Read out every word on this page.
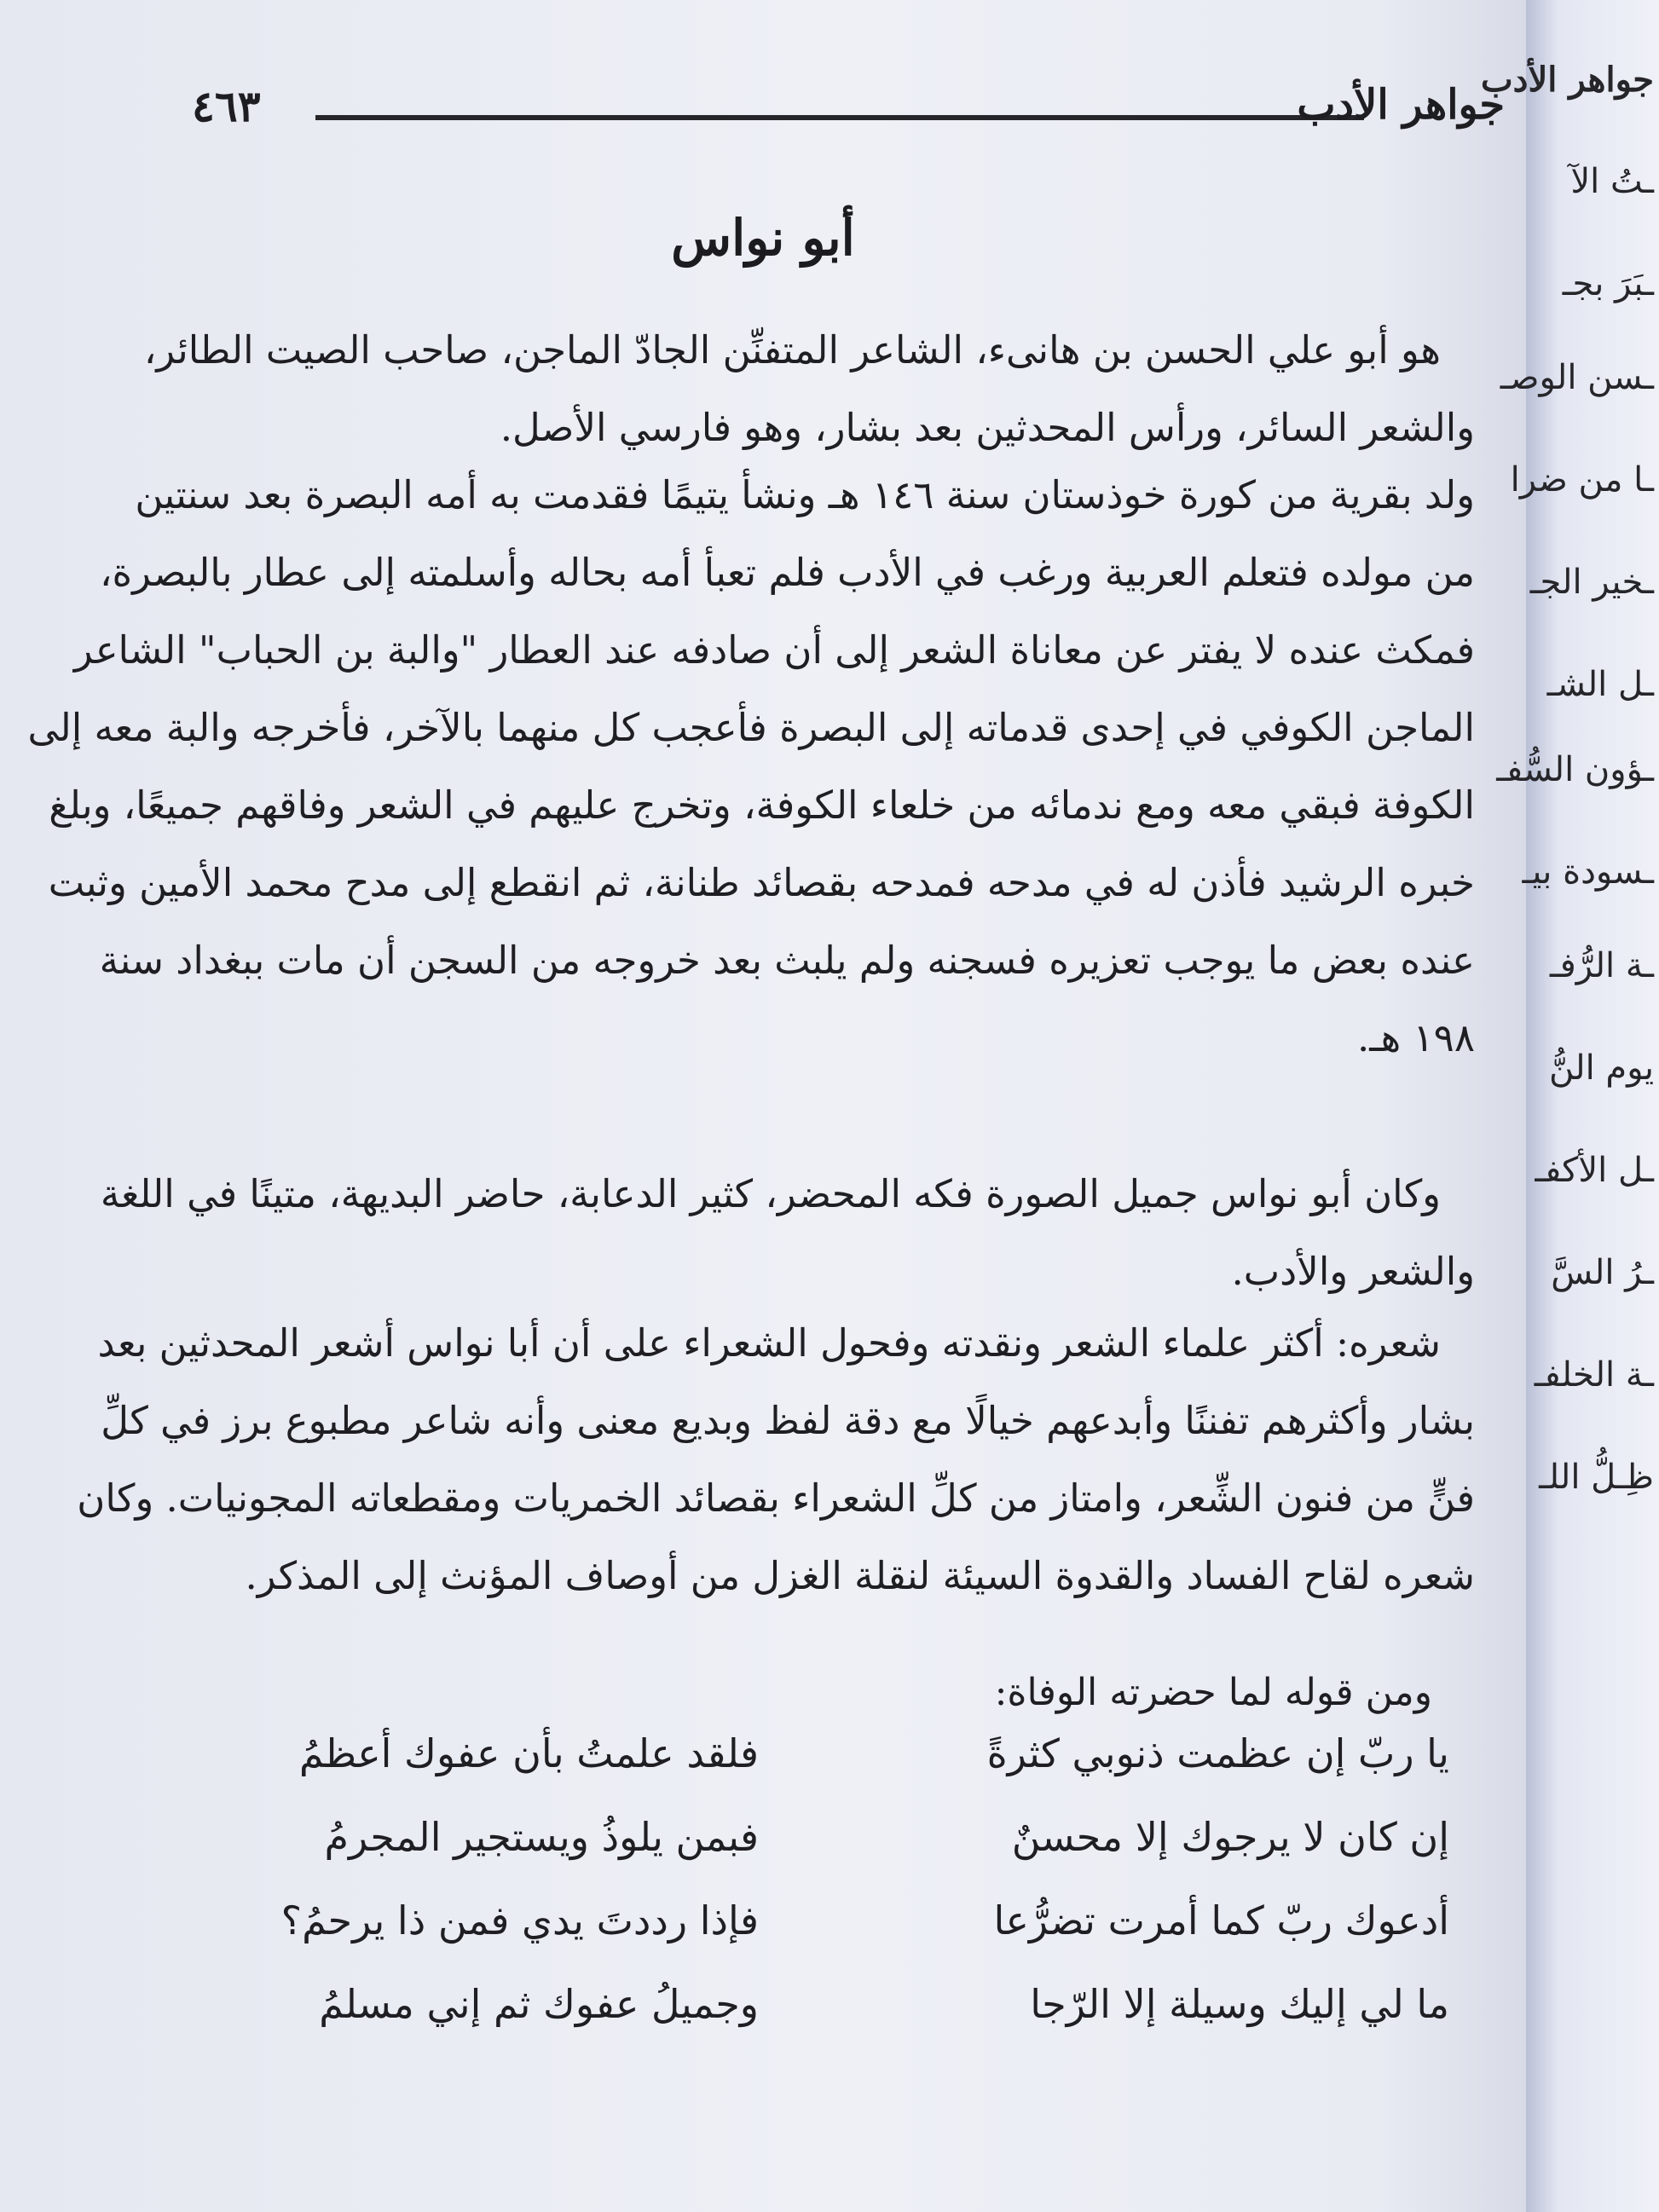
٤٦٣	جواهر الأدب
أبو نواس
هو أبو علي الحسن بن هانىء، الشاعر المتفنِّن الجادّ الماجن، صاحب الصيت الطائر،
والشعر السائر، ورأس المحدثين بعد بشار، وهو فارسي الأصل.
ولد بقرية من كورة خوذستان سنة ١٤٦ هـ ونشأ يتيمًا فقدمت به أمه البصرة بعد سنتين
من مولده فتعلم العربية ورغب في الأدب فلم تعبأ أمه بحاله وأسلمته إلى عطار بالبصرة،
فمكث عنده لا يفتر عن معاناة الشعر إلى أن صادفه عند العطار "والبة بن الحباب" الشاعر
الماجن الكوفي في إحدى قدماته إلى البصرة فأعجب كل منهما بالآخر، فأخرجه والبة معه إلى
الكوفة فبقي معه ومع ندمائه من خلعاء الكوفة، وتخرج عليهم في الشعر وفاقهم جميعًا، وبلغ
خبره الرشيد فأذن له في مدحه فمدحه بقصائد طنانة، ثم انقطع إلى مدح محمد الأمين وثبت
عنده بعض ما يوجب تعزيره فسجنه ولم يلبث بعد خروجه من السجن أن مات ببغداد سنة
١٩٨ هـ.
وكان أبو نواس جميل الصورة فكه المحضر، كثير الدعابة، حاضر البديهة، متينًا في اللغة
والشعر والأدب.
شعره: أكثر علماء الشعر ونقدته وفحول الشعراء على أن أبا نواس أشعر المحدثين بعد
بشار وأكثرهم تفننًا وأبدعهم خيالًا مع دقة لفظ وبديع معنى وأنه شاعر مطبوع برز في كلِّ
فنٍّ من فنون الشِّعر، وامتاز من كلِّ الشعراء بقصائد الخمريات ومقطعاته المجونيات. وكان
شعره لقاح الفساد والقدوة السيئة لنقلة الغزل من أوصاف المؤنث إلى المذكر.
ومن قوله لما حضرته الوفاة:
يا ربّ إن عظمت ذنوبي كثرةً
فلقد علمتُ بأن عفوك أعظمُ
إن كان لا يرجوك إلا محسنٌ
فبمن يلوذُ ويستجير المجرمُ
أدعوك ربّ كما أمرت تضرُّعا
فإذا رددتَ يدي فمن ذا يرحمُ؟
ما لي إليك وسيلة إلا الرّجا
وجميلُ عفوك ثم إني مسلمُ
جواهر الأدب
ـتُ الآ
ـبَرَ بجـ
ـسن الوصـ
ـا من ضرا
ـخير الجـ
ـل الشـ
ـؤون السُّفـ
ـسودة بيـ
ـة الرُّفـ
يوم النُّ
ـل الأكفـ
ـرُ السَّ
ـة الخلفـ
ظِـلُّ اللـ
